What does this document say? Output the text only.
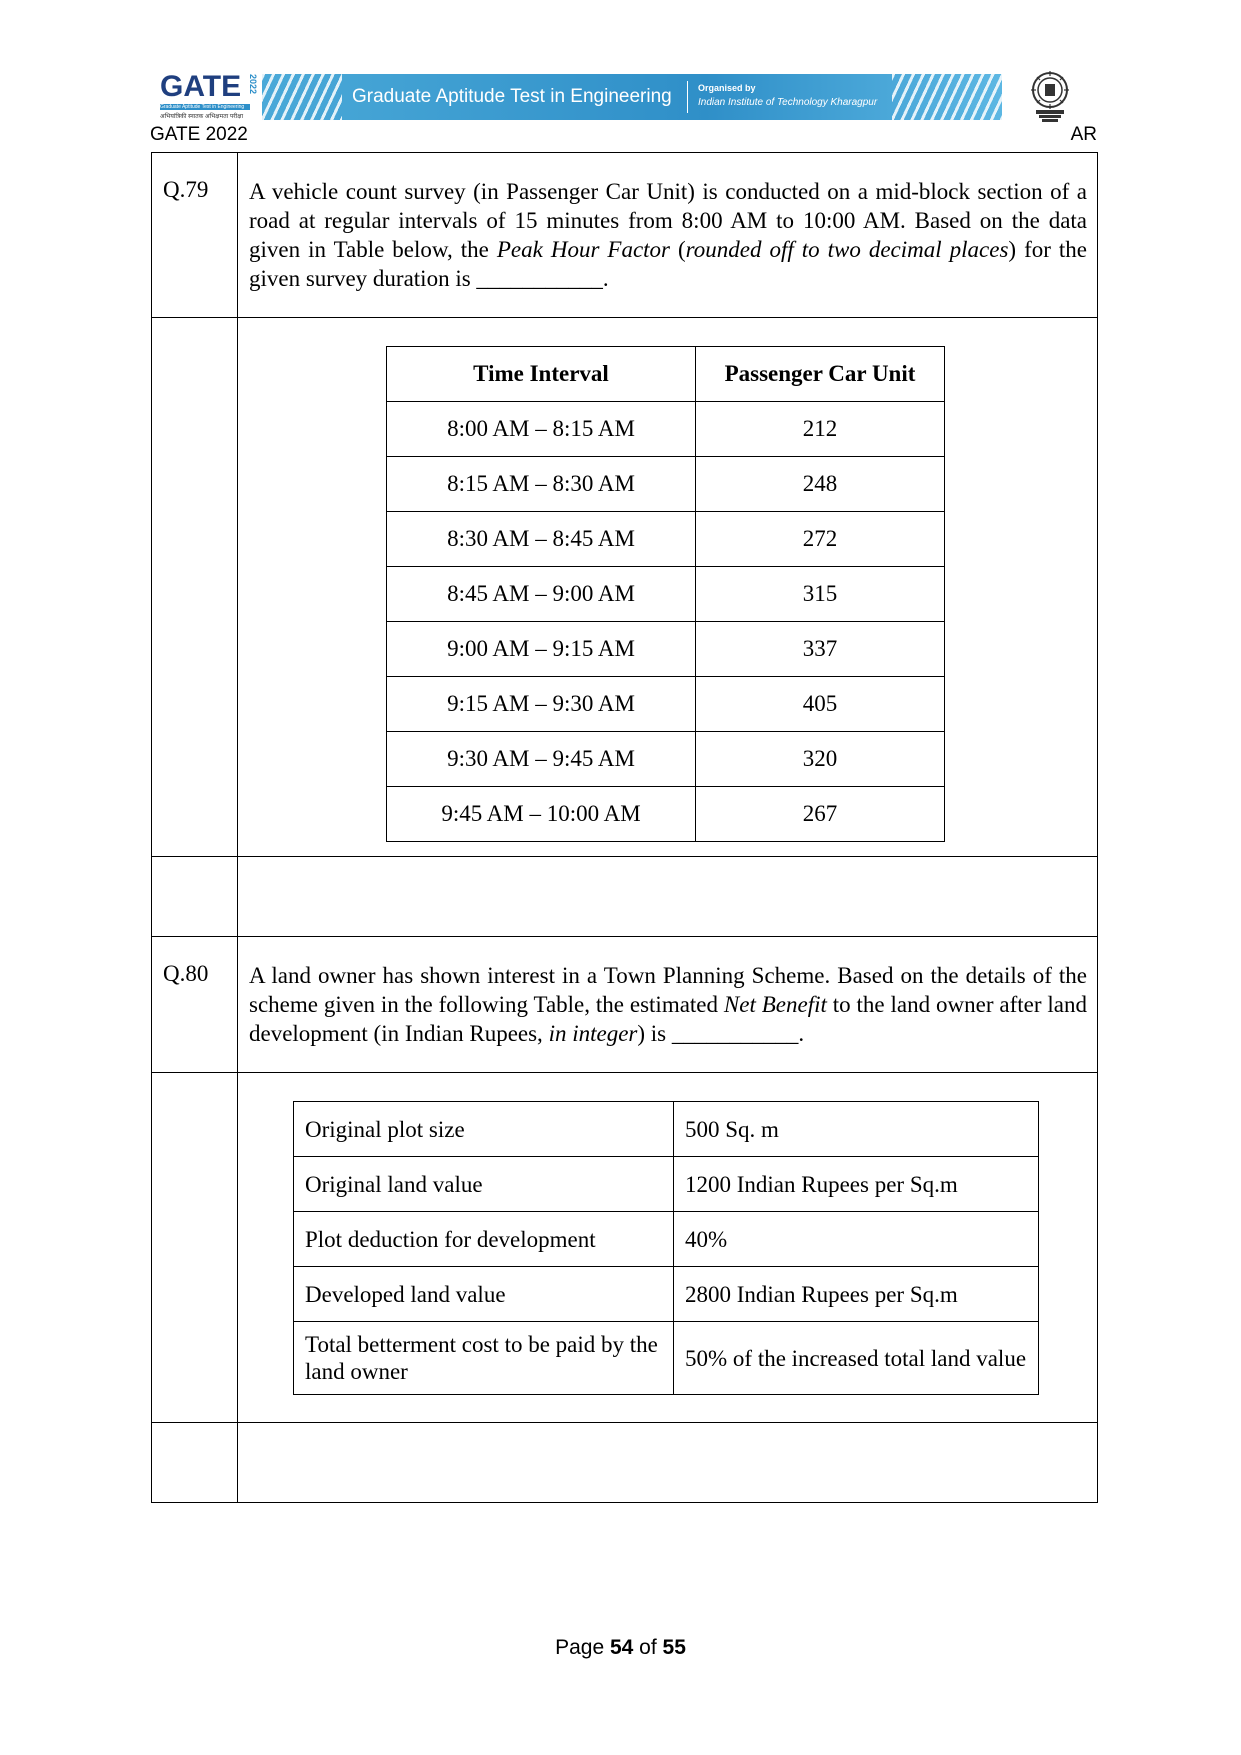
GATE 2022
Graduate Aptitude Test in Engineering
अभियांत्रिकी स्नातक अभिक्षमता परीक्षा
Graduate Aptitude Test in Engineering	Organised by
Indian Institute of Technology Kharagpur
GATE 2022	AR
Q.79	A vehicle count survey (in Passenger Car Unit) is conducted on a mid-block section of a road at regular intervals of 15 minutes from 8:00 AM to 10:00 AM. Based on the data given in Table below, the Peak Hour Factor (rounded off to two decimal places) for the given survey duration is ___________.

Time Interval	Passenger Car Unit
8:00 AM – 8:15 AM	212
8:15 AM – 8:30 AM	248
8:30 AM – 8:45 AM	272
8:45 AM – 9:00 AM	315
9:00 AM – 9:15 AM	337
9:15 AM – 9:30 AM	405
9:30 AM – 9:45 AM	320
9:45 AM – 10:00 AM	267

Q.80	A land owner has shown interest in a Town Planning Scheme. Based on the details of the scheme given in the following Table, the estimated Net Benefit to the land owner after land development (in Indian Rupees, in integer) is ___________.

Original plot size	500 Sq. m
Original land value	1200 Indian Rupees per Sq.m
Plot deduction for development	40%
Developed land value	2800 Indian Rupees per Sq.m
Total betterment cost to be paid by the land owner	50% of the increased total land value

Page 54 of 55
